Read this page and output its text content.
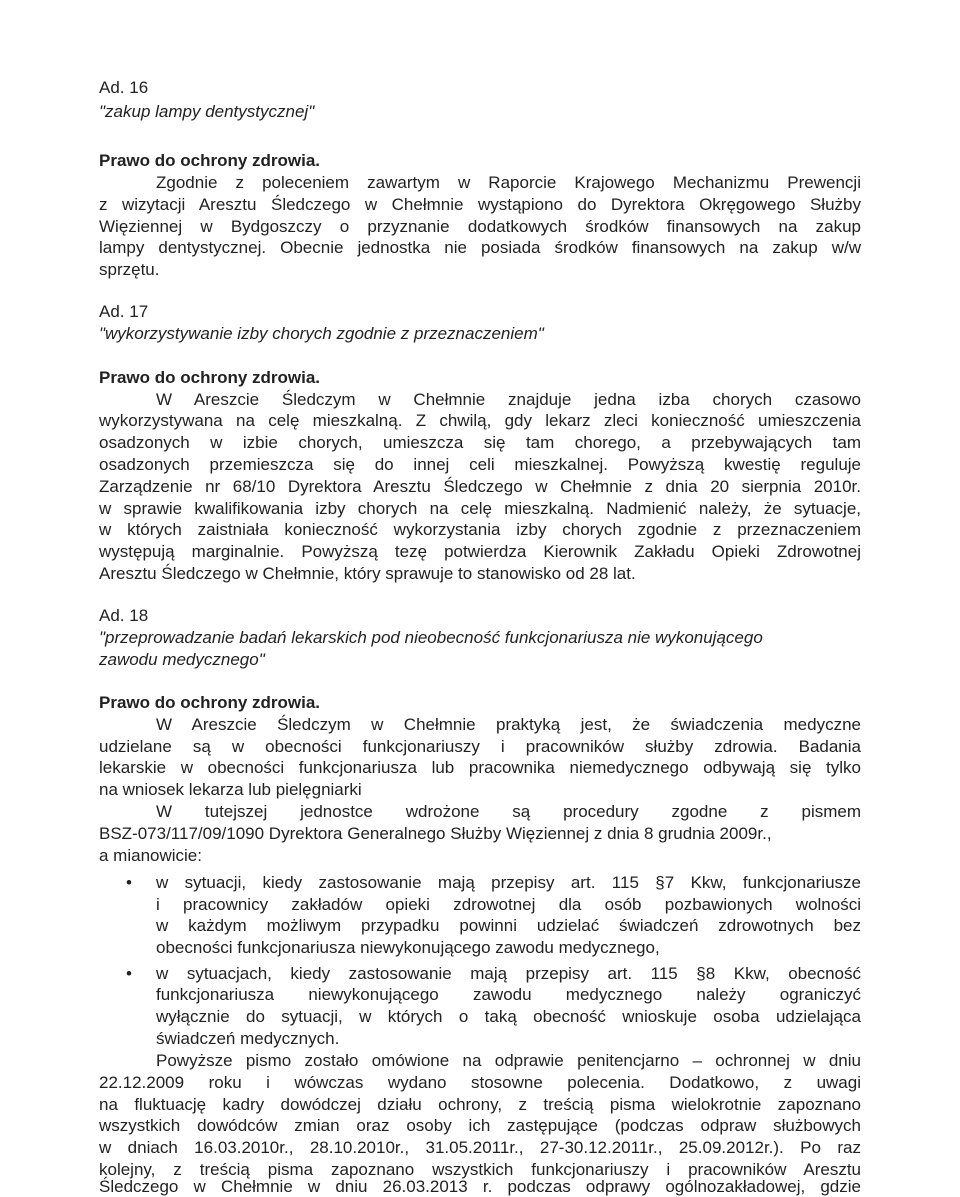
Ad. 16
"zakup lampy dentystycznej"
Prawo do ochrony zdrowia.
Zgodnie z poleceniem zawartym w Raporcie Krajowego Mechanizmu Prewencji
z wizytacji Aresztu Śledczego w Chełmnie wystąpiono do Dyrektora Okręgowego Służby
Więziennej w Bydgoszczy o przyznanie dodatkowych środków finansowych na zakup
lampy dentystycznej. Obecnie jednostka nie posiada środków finansowych na zakup w/w
sprzętu.
Ad. 17
"wykorzystywanie izby chorych zgodnie z przeznaczeniem"
Prawo do ochrony zdrowia.
W Areszcie Śledczym w Chełmnie znajduje jedna izba chorych czasowo
wykorzystywana na celę mieszkalną. Z chwilą, gdy lekarz zleci konieczność umieszczenia
osadzonych w izbie chorych, umieszcza się tam chorego, a przebywających tam
osadzonych przemieszcza się do innej celi mieszkalnej. Powyższą kwestię reguluje
Zarządzenie nr 68/10 Dyrektora Aresztu Śledczego w Chełmnie z dnia 20 sierpnia 2010r.
w sprawie kwalifikowania izby chorych na celę mieszkalną. Nadmienić należy, że sytuacje,
w których zaistniała konieczność wykorzystania izby chorych zgodnie z przeznaczeniem
występują marginalnie. Powyższą tezę potwierdza Kierownik Zakładu Opieki Zdrowotnej
Aresztu Śledczego w Chełmnie, który sprawuje to stanowisko od 28 lat.
Ad. 18
"przeprowadzanie badań lekarskich pod nieobecność funkcjonariusza nie wykonującego
zawodu medycznego"
Prawo do ochrony zdrowia.
W Areszcie Śledczym w Chełmnie praktyką jest, że świadczenia medyczne
udzielane są w obecności funkcjonariuszy i pracowników służby zdrowia. Badania
lekarskie w obecności funkcjonariusza lub pracownika niemedycznego odbywają się tylko
na wniosek lekarza lub pielęgniarki
W tutejszej jednostce wdrożone są procedury zgodne z pismem
BSZ-073/117/09/1090 Dyrektora Generalnego Służby Więziennej z dnia 8 grudnia 2009r.,
a mianowicie:
• w sytuacji, kiedy zastosowanie mają przepisy art. 115 §7 Kkw, funkcjonariusze
i pracownicy zakładów opieki zdrowotnej dla osób pozbawionych wolności
w każdym możliwym przypadku powinni udzielać świadczeń zdrowotnych bez
obecności funkcjonariusza niewykonującego zawodu medycznego,
• w sytuacjach, kiedy zastosowanie mają przepisy art. 115 §8 Kkw, obecność
funkcjonariusza niewykonującego zawodu medycznego należy ograniczyć
wyłącznie do sytuacji, w których o taką obecność wnioskuje osoba udzielająca
świadczeń medycznych.
Powyższe pismo zostało omówione na odprawie penitencjarno – ochronnej w dniu
22.12.2009 roku i wówczas wydano stosowne polecenia. Dodatkowo, z uwagi
na fluktuację kadry dowódczej działu ochrony, z treścią pisma wielokrotnie zapoznano
wszystkich dowódców zmian oraz osoby ich zastępujące (podczas odpraw służbowych
w dniach 16.03.2010r., 28.10.2010r., 31.05.2011r., 27-30.12.2011r., 25.09.2012r.). Po raz
kolejny, z treścią pisma zapoznano wszystkich funkcjonariuszy i pracowników Aresztu
Śledczego w Chełmnie w dniu 26.03.2013 r. podczas odprawy ogólnozakładowej, gdzie
